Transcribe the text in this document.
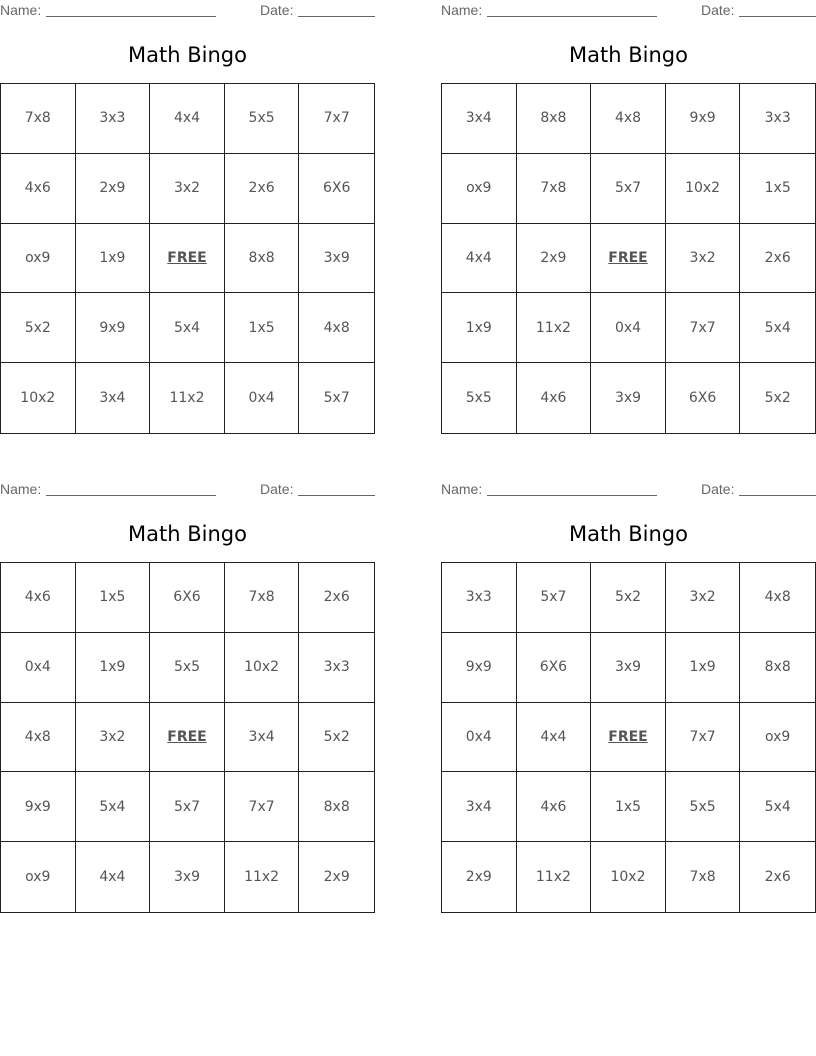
Name:	Date:
Math Bingo
7x8	3x3	4x4	5x5	7x7
4x6	2x9	3x2	2x6	6X6
ox9	1x9	FREE	8x8	3x9
5x2	9x9	5x4	1x5	4x8
10x2	3x4	11x2	0x4	5x7
Name:	Date:
Math Bingo
3x4	8x8	4x8	9x9	3x3
ox9	7x8	5x7	10x2	1x5
4x4	2x9	FREE	3x2	2x6
1x9	11x2	0x4	7x7	5x4
5x5	4x6	3x9	6X6	5x2
Name:	Date:
Math Bingo
4x6	1x5	6X6	7x8	2x6
0x4	1x9	5x5	10x2	3x3
4x8	3x2	FREE	3x4	5x2
9x9	5x4	5x7	7x7	8x8
ox9	4x4	3x9	11x2	2x9
Name:	Date:
Math Bingo
3x3	5x7	5x2	3x2	4x8
9x9	6X6	3x9	1x9	8x8
0x4	4x4	FREE	7x7	ox9
3x4	4x6	1x5	5x5	5x4
2x9	11x2	10x2	7x8	2x6
